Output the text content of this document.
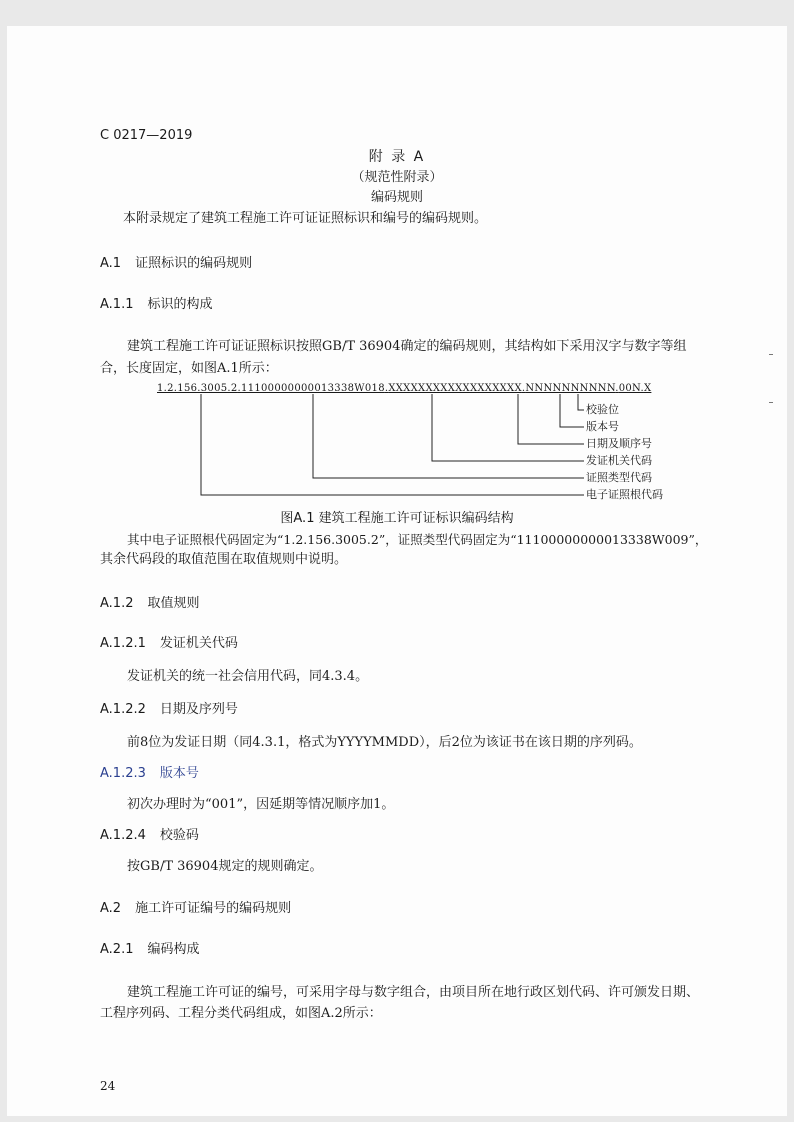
C 0217—2019
附 录 A
（规范性附录）
编码规则
本附录规定了建筑工程施工许可证证照标识和编号的编码规则。
A.1 证照标识的编码规则
A.1.1 标识的构成
建筑工程施工许可证证照标识按照GB/T 36904确定的编码规则，其结构如下采用汉字与数字等组
合，长度固定，如图A.1所示：
1.2.156.3005.2.11100000000013338W018.XXXXXXXXXXXXXXXXXX.NNNNNNNNNN.00N.X
校验位
版本号
日期及顺序号
发证机关代码
证照类型代码
电子证照根代码
图A.1 建筑工程施工许可证标识编码结构
其中电子证照根代码固定为“1.2.156.3005.2”，证照类型代码固定为“11100000000013338W009”，
其余代码段的取值范围在取值规则中说明。
A.1.2 取值规则
A.1.2.1 发证机关代码
发证机关的统一社会信用代码，同4.3.4。
A.1.2.2 日期及序列号
前8位为发证日期（同4.3.1，格式为YYYYMMDD），后2位为该证书在该日期的序列码。
A.1.2.3 版本号
初次办理时为“001”，因延期等情况顺序加1。
A.1.2.4 校验码
按GB/T 36904规定的规则确定。
A.2 施工许可证编号的编码规则
A.2.1 编码构成
建筑工程施工许可证的编号，可采用字母与数字组合，由项目所在地行政区划代码、许可颁发日期、
工程序列码、工程分类代码组成，如图A.2所示：
24
